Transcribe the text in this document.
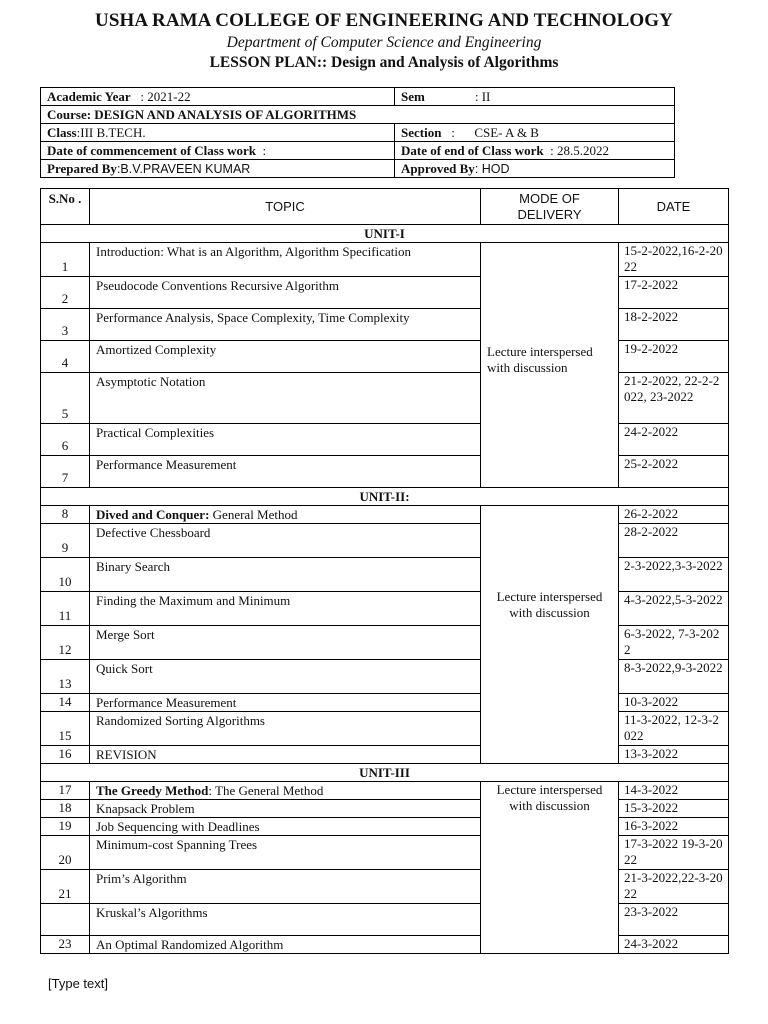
USHA RAMA COLLEGE OF ENGINEERING AND TECHNOLOGY
Department of Computer Science and Engineering
LESSON PLAN:: Design and Analysis of Algorithms
Academic Year : 2021-22	Sem : II
Course: DESIGN AND ANALYSIS OF ALGORITHMS	
Class:III B.TECH.	Section :      CSE- A & B
Date of commencement of Class work :	Date of end of Class work : 28.5.2022
Prepared By:B.V.PRAVEEN KUMAR	Approved By: HOD
S.No .	TOPIC	MODE OF DELIVERY	DATE
UNIT-I			
1	Introduction: What is an Algorithm, Algorithm Specification	Lecture interspersed with discussion	15-2-2022,16-2-2022
2	Pseudocode Conventions Recursive Algorithm		17-2-2022
3	Performance Analysis, Space Complexity, Time Complexity		18-2-2022
4	Amortized Complexity		19-2-2022
5	Asymptotic Notation		21-2-2022, 22-2-2022, 23-2022
6	Practical Complexities		24-2-2022
7	Performance Measurement		25-2-2022
UNIT-II:			
8	Dived and Conquer: General Method	Lecture interspersed with discussion	26-2-2022
9	Defective Chessboard		28-2-2022
10	Binary Search		2-3-2022,3-3-2022
11	Finding the Maximum and Minimum		4-3-2022,5-3-2022
12	Merge Sort		6-3-2022, 7-3-2022
13	Quick Sort		8-3-2022,9-3-2022
14	Performance Measurement		10-3-2022
15	Randomized Sorting Algorithms		11-3-2022, 12-3-2022
16	REVISION		13-3-2022
UNIT-III			
17	The Greedy Method: The General Method	Lecture interspersed with discussion	14-3-2022
18	Knapsack Problem		15-3-2022
19	Job Sequencing with Deadlines		16-3-2022
20	Minimum-cost Spanning Trees		17-3-2022 19-3-2022
21	Prim’s Algorithm		21-3-2022,22-3-2022
	Kruskal’s Algorithms		23-3-2022
23	An Optimal Randomized Algorithm		24-3-2022
[Type text]
